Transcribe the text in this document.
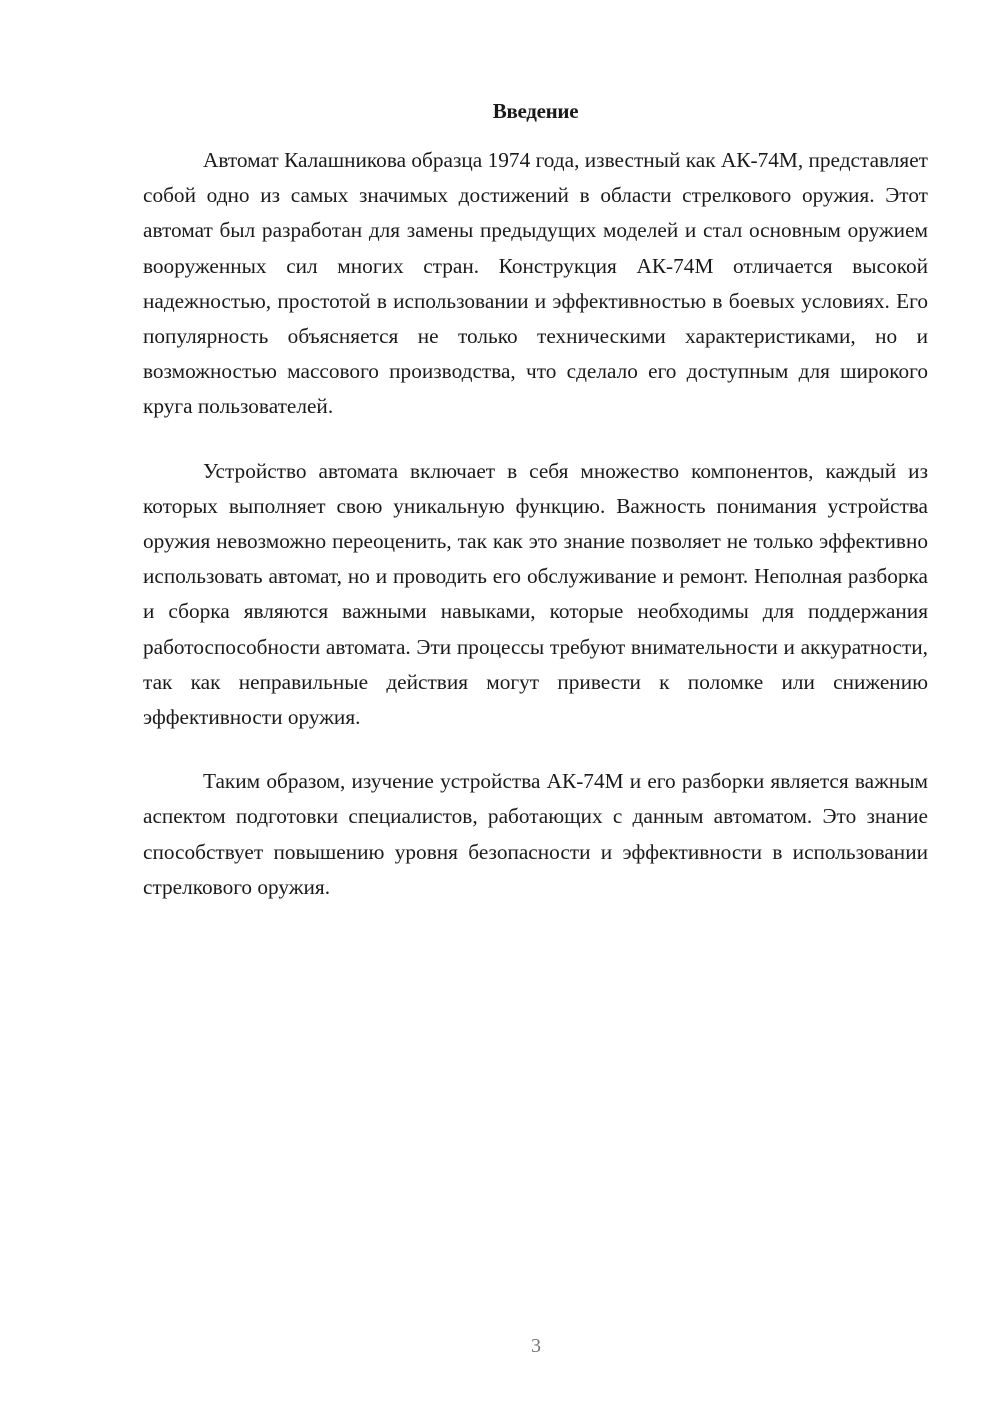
Введение

Автомат Калашникова образца 1974 года, известный как АК-74М, представляет собой одно из самых значимых достижений в области стрелкового оружия. Этот автомат был разработан для замены предыдущих моделей и стал основным оружием вооруженных сил многих стран. Конструкция АК-74М отличается высокой надежностью, простотой в использовании и эффективностью в боевых условиях. Его популярность объясняется не только техническими характеристиками, но и возможностью массового производства, что сделало его доступным для широкого круга пользователей.

Устройство автомата включает в себя множество компонентов, каждый из которых выполняет свою уникальную функцию. Важность понимания устройства оружия невозможно переоценить, так как это знание позволяет не только эффективно использовать автомат, но и проводить его обслуживание и ремонт. Неполная разборка и сборка являются важными навыками, которые необходимы для поддержания работоспособности автомата. Эти процессы требуют внимательности и аккуратности, так как неправильные действия могут привести к поломке или снижению эффективности оружия.

Таким образом, изучение устройства АК-74М и его разборки является важным аспектом подготовки специалистов, работающих с данным автоматом. Это знание способствует повышению уровня безопасности и эффективности в использовании стрелкового оружия.

3
